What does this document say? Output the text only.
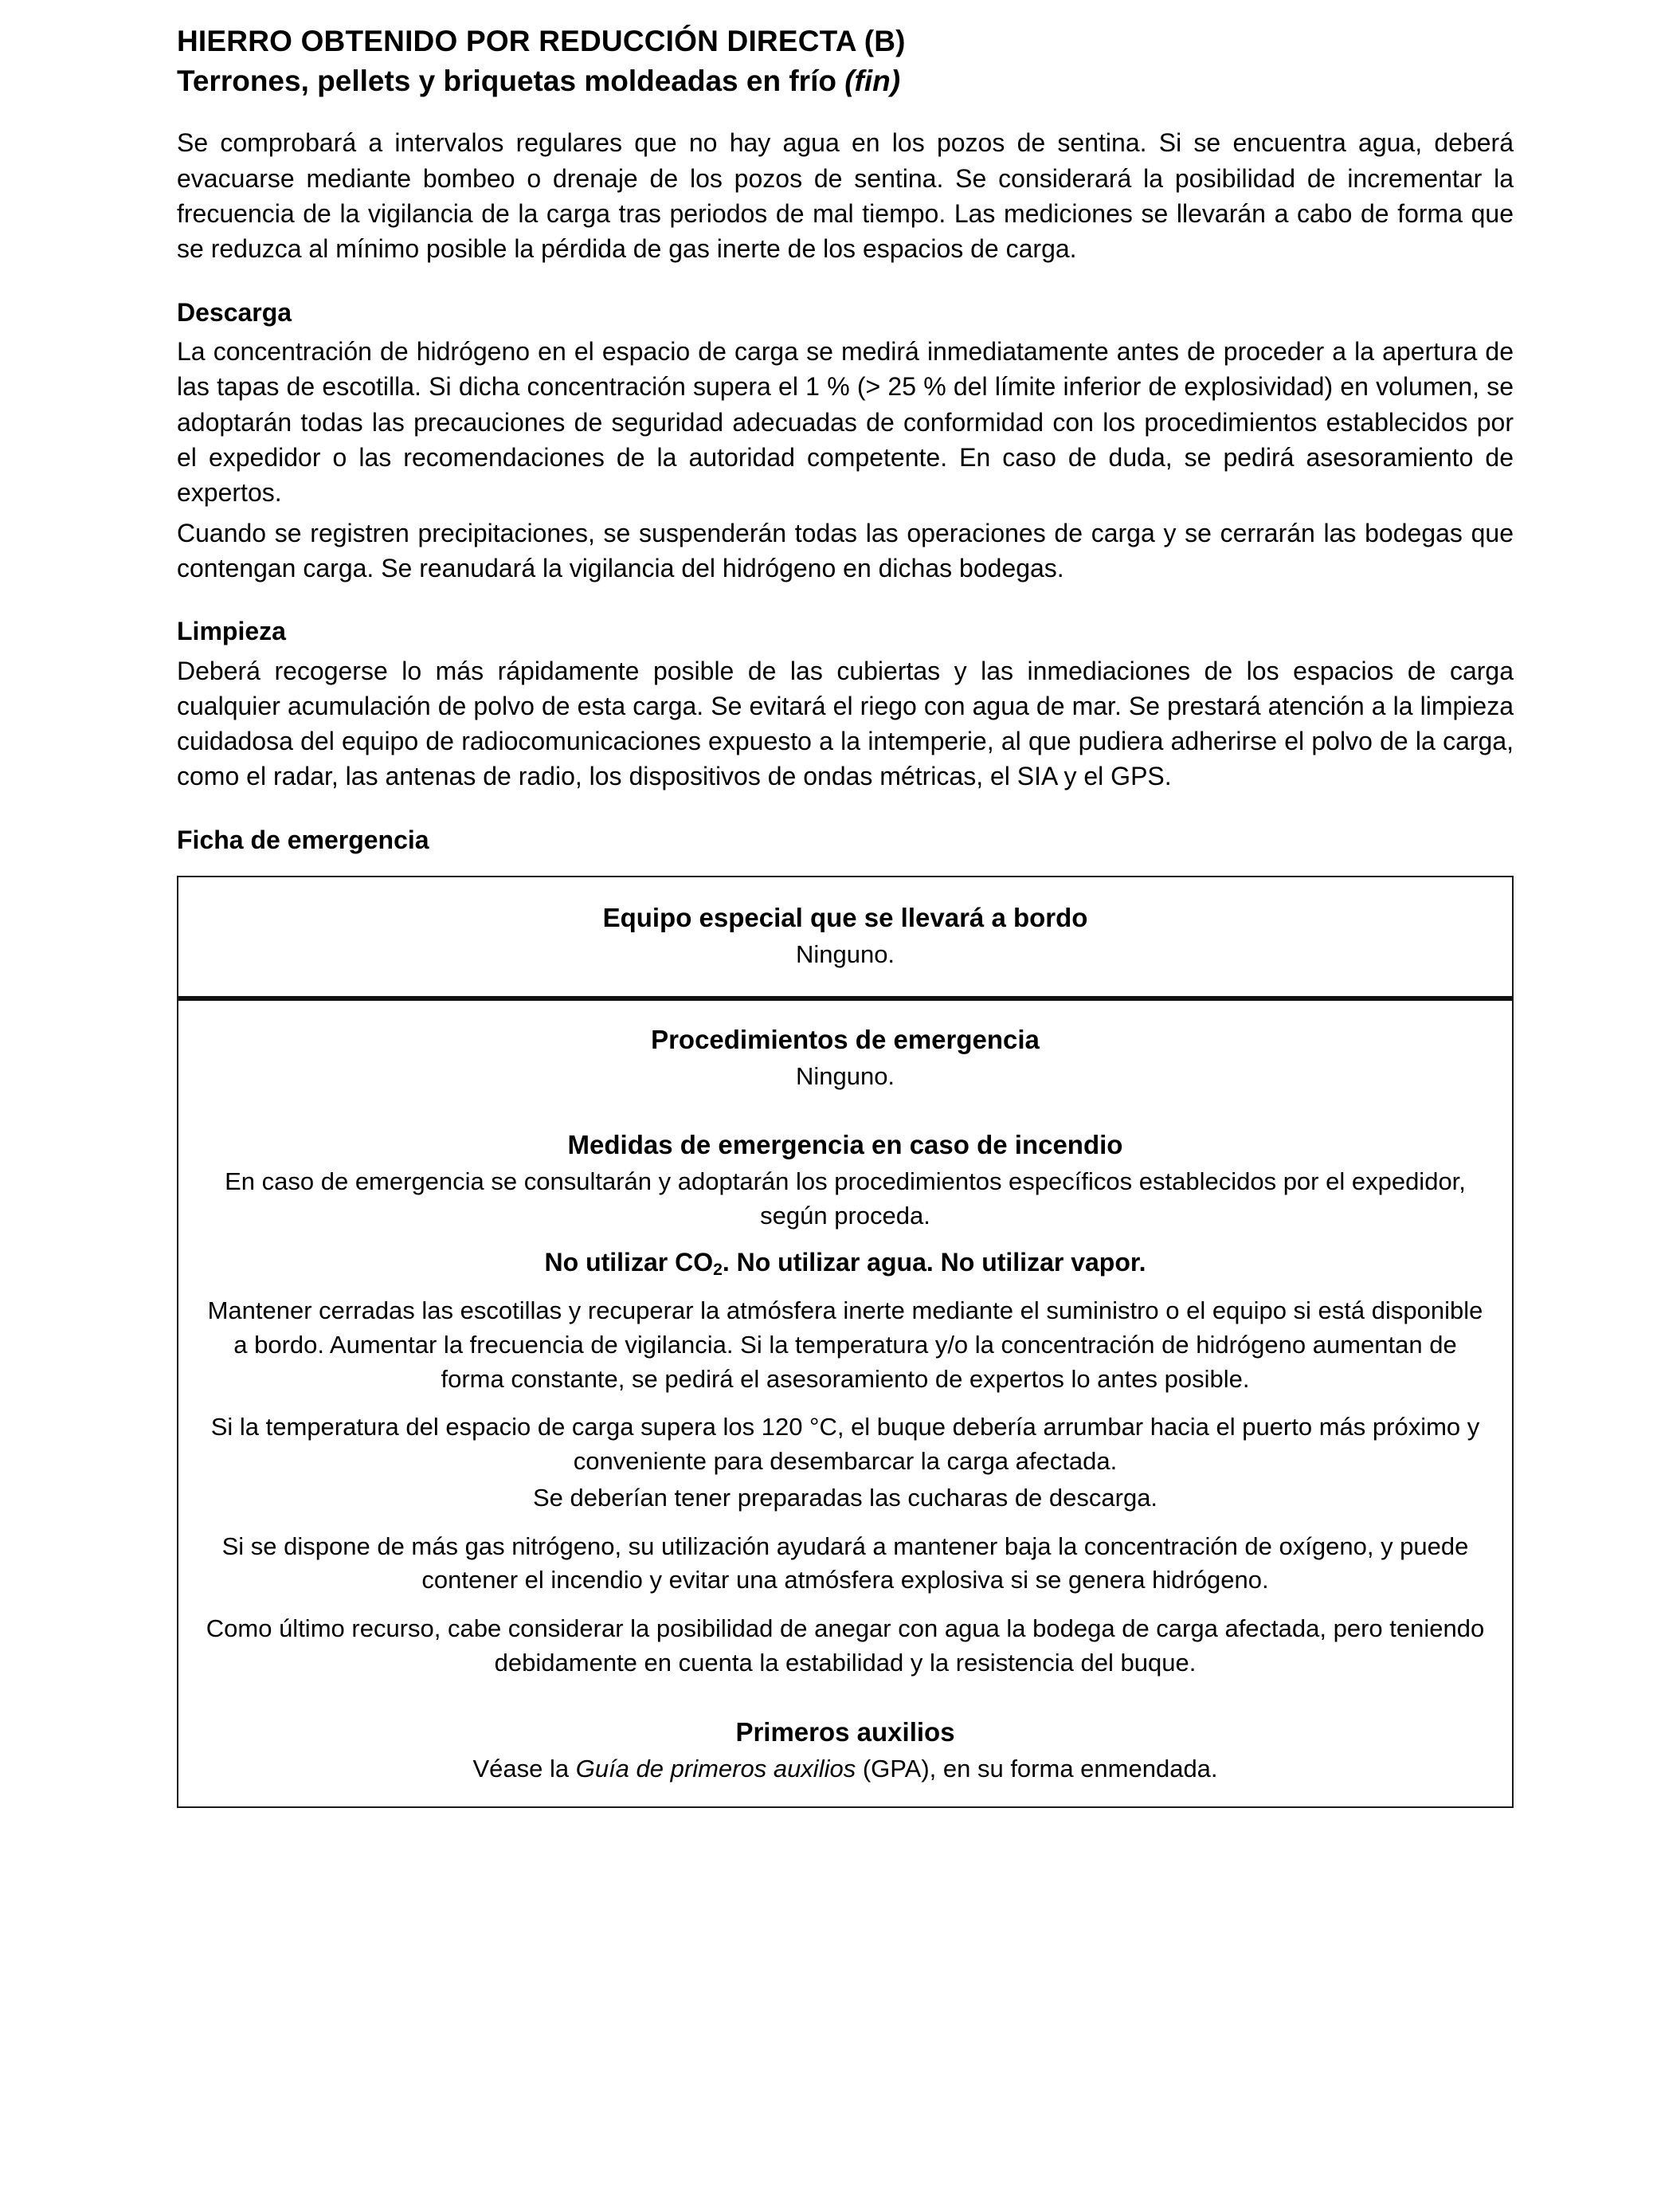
HIERRO OBTENIDO POR REDUCCIÓN DIRECTA (B)
Terrones, pellets y briquetas moldeadas en frío (fin)

Se comprobará a intervalos regulares que no hay agua en los pozos de sentina. Si se encuentra agua, deberá evacuarse mediante bombeo o drenaje de los pozos de sentina. Se considerará la posibilidad de incrementar la frecuencia de la vigilancia de la carga tras periodos de mal tiempo. Las mediciones se llevarán a cabo de forma que se reduzca al mínimo posible la pérdida de gas inerte de los espacios de carga.

Descarga

La concentración de hidrógeno en el espacio de carga se medirá inmediatamente antes de proceder a la apertura de las tapas de escotilla. Si dicha concentración supera el 1 % (> 25 % del límite inferior de explosividad) en volumen, se adoptarán todas las precauciones de seguridad adecuadas de conformidad con los procedimientos establecidos por el expedidor o las recomendaciones de la autoridad competente. En caso de duda, se pedirá asesoramiento de expertos.

Cuando se registren precipitaciones, se suspenderán todas las operaciones de carga y se cerrarán las bodegas que contengan carga. Se reanudará la vigilancia del hidrógeno en dichas bodegas.

Limpieza

Deberá recogerse lo más rápidamente posible de las cubiertas y las inmediaciones de los espacios de carga cualquier acumulación de polvo de esta carga. Se evitará el riego con agua de mar. Se prestará atención a la limpieza cuidadosa del equipo de radiocomunicaciones expuesto a la intemperie, al que pudiera adherirse el polvo de la carga, como el radar, las antenas de radio, los dispositivos de ondas métricas, el SIA y el GPS.

Ficha de emergencia
Equipo especial que se llevará a bordo
Ninguno.
Procedimientos de emergencia
Ninguno.
Medidas de emergencia en caso de incendio
En caso de emergencia se consultarán y adoptarán los procedimientos específicos establecidos por el expedidor, según proceda.
No utilizar $CO_2$. No utilizar agua. No utilizar vapor.
Mantener cerradas las escotillas y recuperar la atmósfera inerte mediante el suministro o el equipo si está disponible a bordo. Aumentar la frecuencia de vigilancia. Si la temperatura y/o la concentración de hidrógeno aumentan de forma constante, se pedirá el asesoramiento de expertos lo antes posible.
Si la temperatura del espacio de carga supera los 120 °C, el buque debería arrumbar hacia el puerto más próximo y conveniente para desembarcar la carga afectada.
Se deberían tener preparadas las cucharas de descarga.
Si se dispone de más gas nitrógeno, su utilización ayudará a mantener baja la concentración de oxígeno, y puede contener el incendio y evitar una atmósfera explosiva si se genera hidrógeno.
Como último recurso, cabe considerar la posibilidad de anegar con agua la bodega de carga afectada, pero teniendo debidamente en cuenta la estabilidad y la resistencia del buque.
Primeros auxilios
Véase la Guía de primeros auxilios (GPA), en su forma enmendada.
